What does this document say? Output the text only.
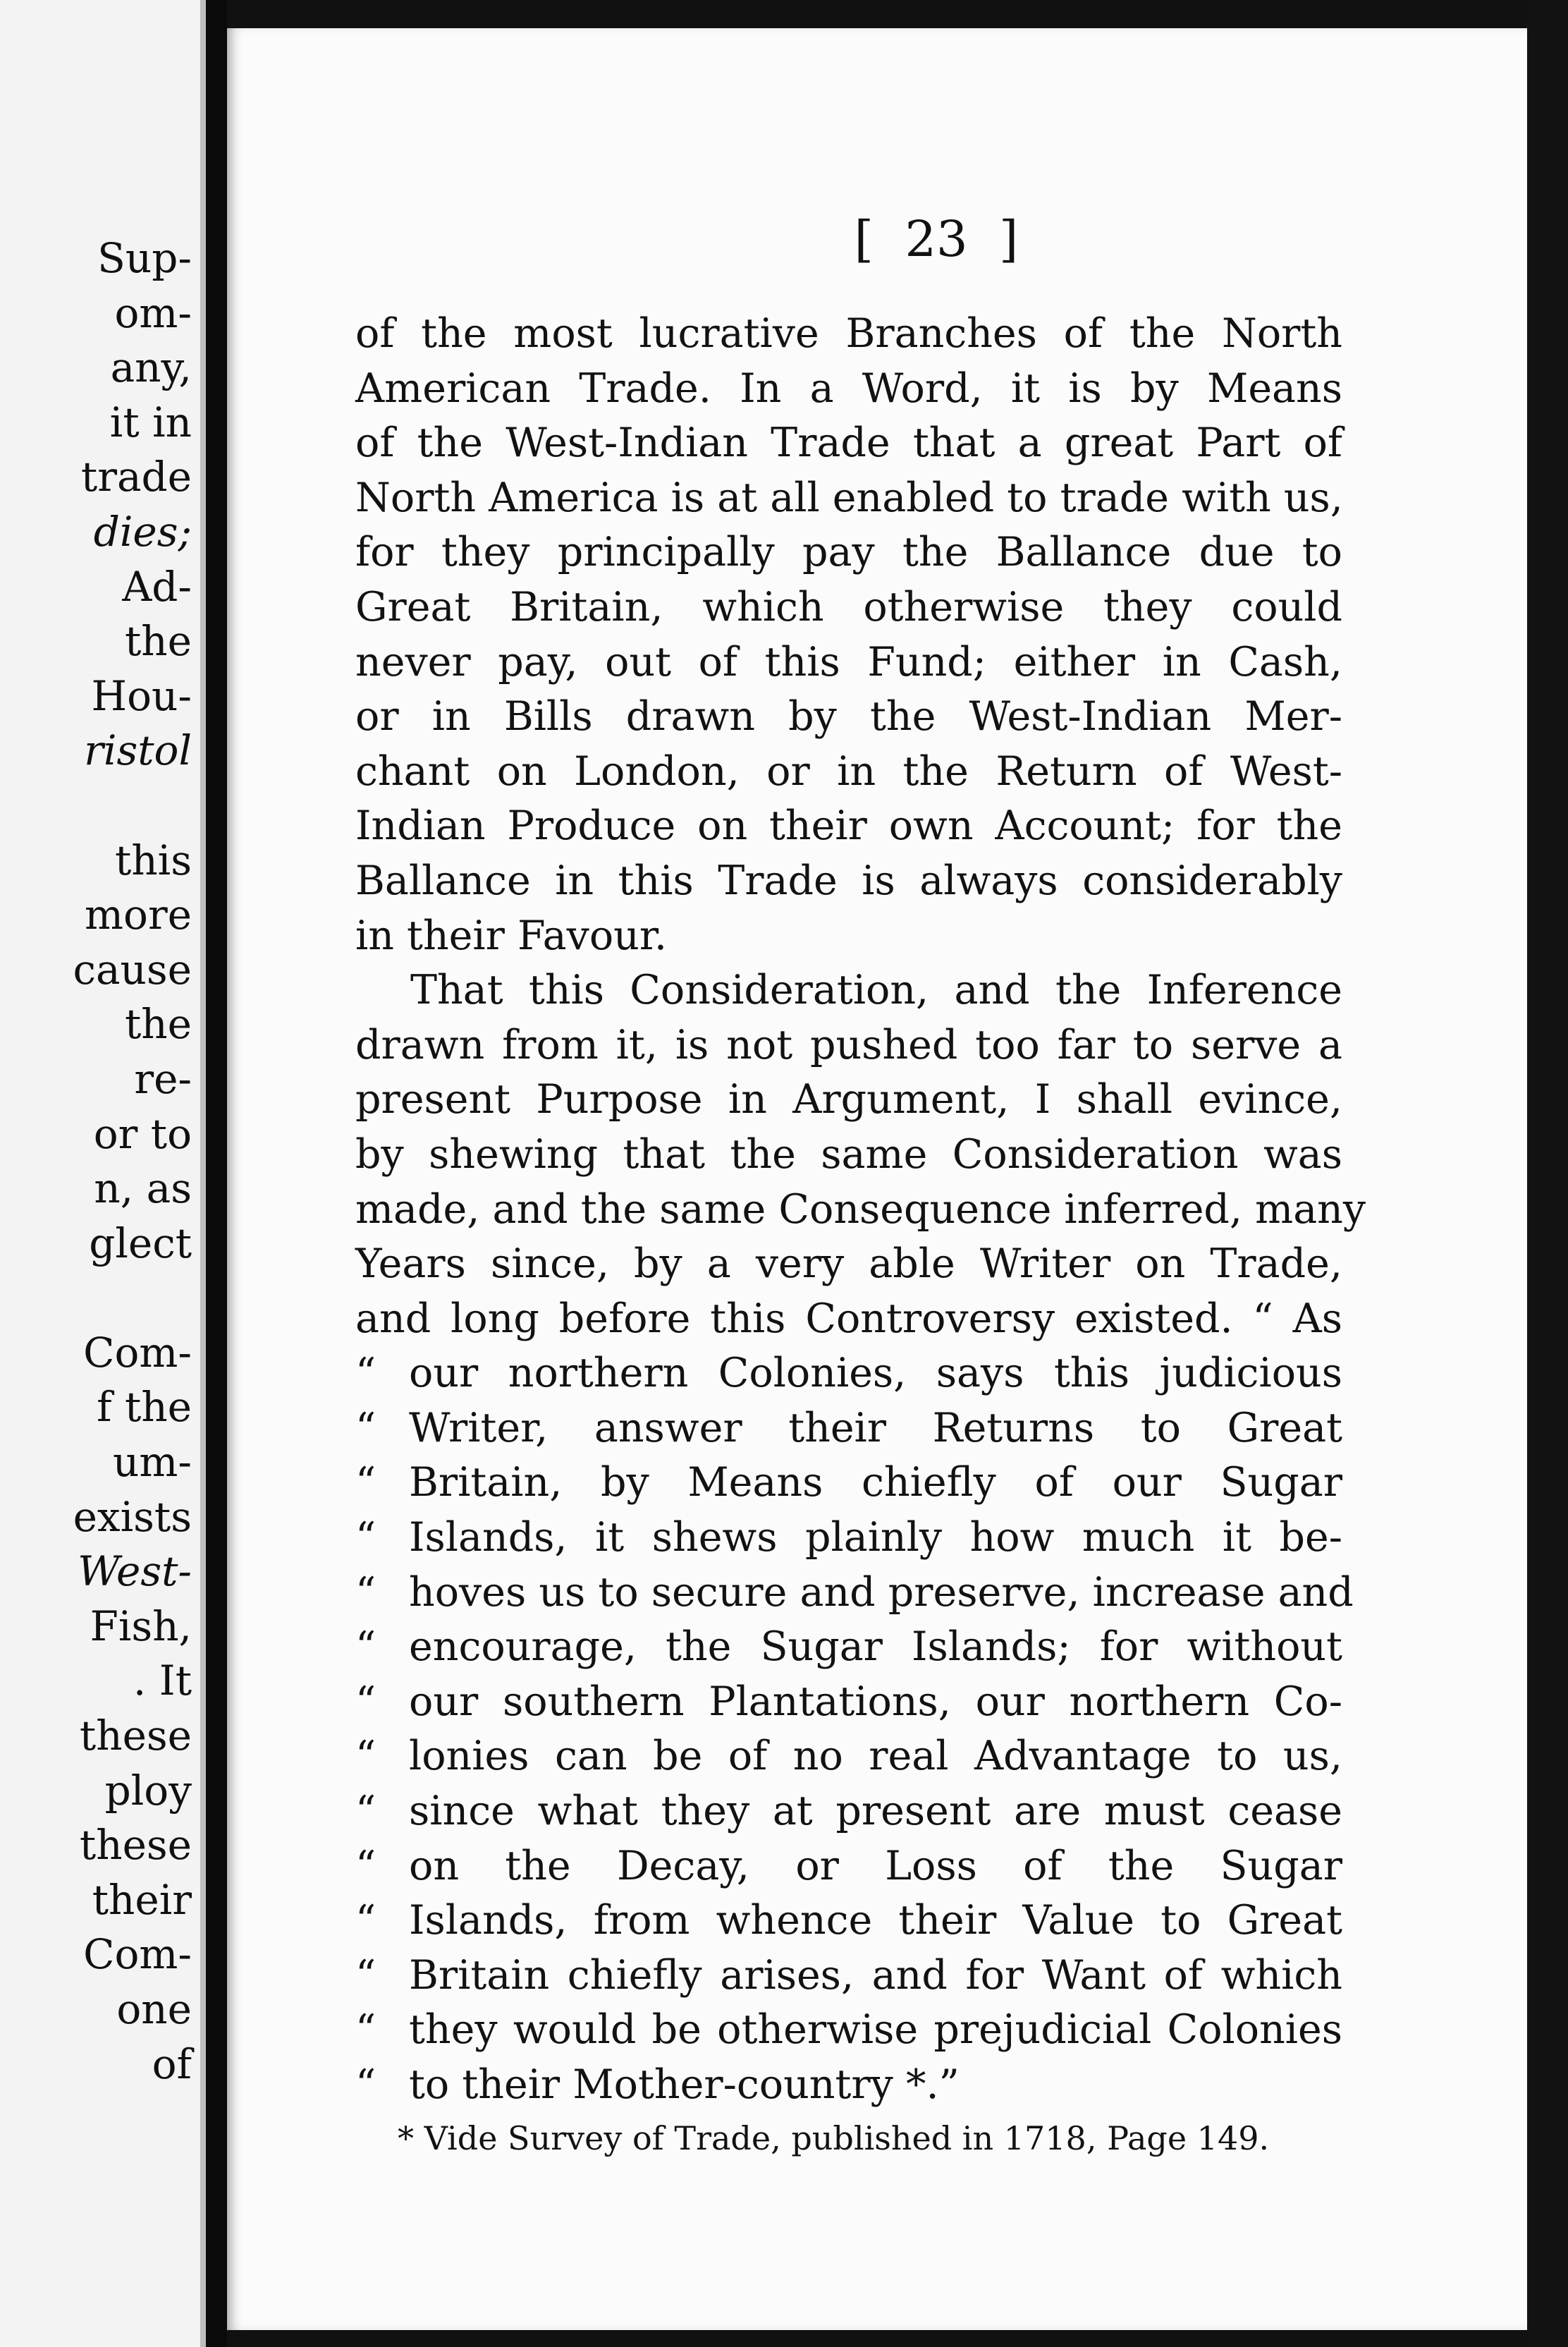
Sup-
om-
any,
it in
trade
dies;
Ad-
the
Hou-
ristol
this
more
cause
the
re-
or to
n, as
glect
Com-
f the
um-
exists
West-
Fish,
. It
these
ploy
these
their
Com-
one
of
[ 23 ]
of the most lucrative Branches of the North
American Trade. In a Word, it is by Means
of the West-Indian Trade that a great Part of
North America is at all enabled to trade with us,
for they principally pay the Ballance due to
Great Britain, which otherwise they could
never pay, out of this Fund; either in Cash,
or in Bills drawn by the West-Indian Mer-
chant on London, or in the Return of West-
Indian Produce on their own Account; for the
Ballance in this Trade is always considerably
in their Favour.
That this Consideration, and the Inference
drawn from it, is not pushed too far to serve a
present Purpose in Argument, I shall evince,
by shewing that the same Consideration was
made, and the same Consequence inferred, many
Years since, by a very able Writer on Trade,
and long before this Controversy existed. “ As
“ our northern Colonies, says this judicious
“ Writer, answer their Returns to Great
“ Britain, by Means chiefly of our Sugar
“ Islands, it shews plainly how much it be-
“ hoves us to secure and preserve, increase and
“ encourage, the Sugar Islands; for without
“ our southern Plantations, our northern Co-
“ lonies can be of no real Advantage to us,
“ since what they at present are must cease
“ on the Decay, or Loss of the Sugar
“ Islands, from whence their Value to Great
“ Britain chiefly arises, and for Want of which
“ they would be otherwise prejudicial Colonies
“ to their Mother-country *.”
* Vide Survey of Trade, published in 1718, Page 149.
